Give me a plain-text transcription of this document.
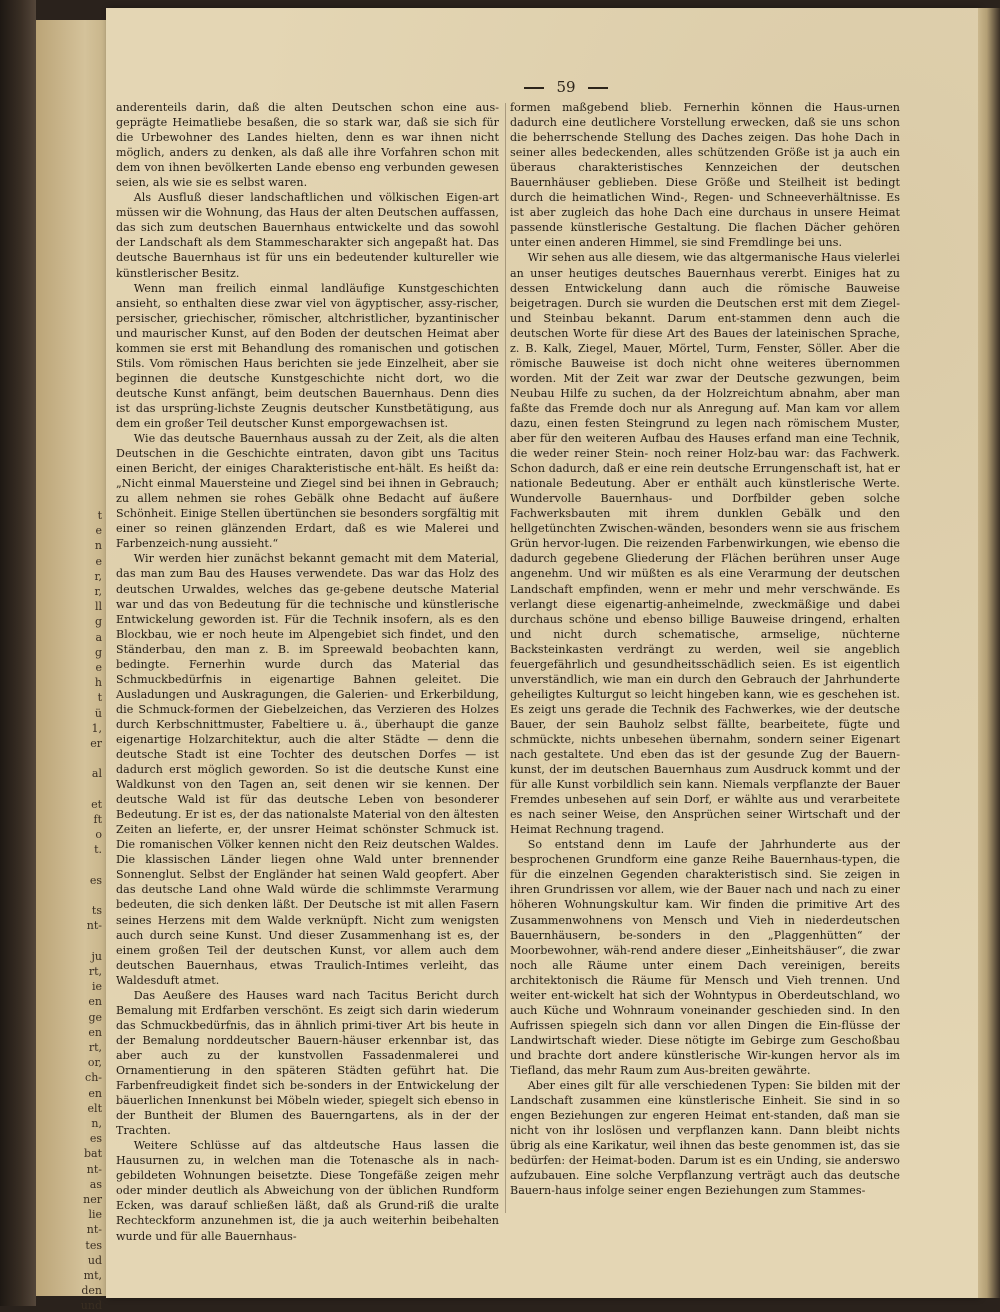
t
e
n
e
r,
r,
ll
g
a
g
e
h
t
ü
1,
er
al
et
ft
o
t.
es
ts
nt-
ju
rt,
ie
en
ge
en
rt,
or,
ch-
en
elt
n,
es
bat
nt-
as
ner
lie
nt-
tes
ud
mt,
den
und
59

anderenteils darin, daß die alten Deutschen schon eine aus-geprägte Heimatliebe besaßen, die so stark war, daß sie sich für die Urbewohner des Landes hielten, denn es war ihnen nicht möglich, anders zu denken, als daß alle ihre Vorfahren schon mit dem von ihnen bevölkerten Lande ebenso eng verbunden gewesen seien, als wie sie es selbst waren.

Als Ausfluß dieser landschaftlichen und völkischen Eigen-art müssen wir die Wohnung, das Haus der alten Deutschen auffassen, das sich zum deutschen Bauernhaus entwickelte und das sowohl der Landschaft als dem Stammescharakter sich angepaßt hat. Das deutsche Bauernhaus ist für uns ein bedeutender kultureller wie künstlerischer Besitz.

Wenn man freilich einmal landläufige Kunstgeschichten ansieht, so enthalten diese zwar viel von ägyptischer, assy-rischer, persischer, griechischer, römischer, altchristlicher, byzantinischer und maurischer Kunst, auf den Boden der deutschen Heimat aber kommen sie erst mit Behandlung des romanischen und gotischen Stils. Vom römischen Haus berichten sie jede Einzelheit, aber sie beginnen die deutsche Kunstgeschichte nicht dort, wo die deutsche Kunst anfängt, beim deutschen Bauernhaus. Denn dies ist das ursprüng-lichste Zeugnis deutscher Kunstbetätigung, aus dem ein großer Teil deutscher Kunst emporgewachsen ist.

Wie das deutsche Bauernhaus aussah zu der Zeit, als die alten Deutschen in die Geschichte eintraten, davon gibt uns Tacitus einen Bericht, der einiges Charakteristische ent-hält. Es heißt da: „Nicht einmal Mauersteine und Ziegel sind bei ihnen in Gebrauch; zu allem nehmen sie rohes Gebälk ohne Bedacht auf äußere Schönheit. Einige Stellen übertünchen sie besonders sorgfältig mit einer so reinen glänzenden Erdart, daß es wie Malerei und Farbenzeich-nung aussieht.“

Wir werden hier zunächst bekannt gemacht mit dem Material, das man zum Bau des Hauses verwendete. Das war das Holz des deutschen Urwaldes, welches das ge-gebene deutsche Material war und das von Bedeutung für die technische und künstlerische Entwickelung geworden ist. Für die Technik insofern, als es den Blockbau, wie er noch heute im Alpengebiet sich findet, und den Ständerbau, den man z. B. im Spreewald beobachten kann, bedingte. Fernerhin wurde durch das Material das Schmuckbedürfnis in eigenartige Bahnen geleitet. Die Ausladungen und Auskragungen, die Galerien- und Erkerbildung, die Schmuck-formen der Giebelzeichen, das Verzieren des Holzes durch Kerbschnittmuster, Fabeltiere u. ä., überhaupt die ganze eigenartige Holzarchitektur, auch die alter Städte — denn die deutsche Stadt ist eine Tochter des deutschen Dorfes — ist dadurch erst möglich geworden. So ist die deutsche Kunst eine Waldkunst von den Tagen an, seit denen wir sie kennen. Der deutsche Wald ist für das deutsche Leben von besonderer Bedeutung. Er ist es, der das nationalste Material von den ältesten Zeiten an lieferte, er, der unsrer Heimat schönster Schmuck ist. Die romanischen Völker kennen nicht den Reiz deutschen Waldes. Die klassischen Länder liegen ohne Wald unter brennender Sonnenglut. Selbst der Engländer hat seinen Wald geopfert. Aber das deutsche Land ohne Wald würde die schlimmste Verarmung bedeuten, die sich denken läßt. Der Deutsche ist mit allen Fasern seines Herzens mit dem Walde verknüpft. Nicht zum wenigsten auch durch seine Kunst. Und dieser Zusammenhang ist es, der einem großen Teil der deutschen Kunst, vor allem auch dem deutschen Bauernhaus, etwas Traulich-Intimes verleiht, das Waldesduft atmet.

Das Aeußere des Hauses ward nach Tacitus Bericht durch Bemalung mit Erdfarben verschönt. Es zeigt sich darin wiederum das Schmuckbedürfnis, das in ähnlich primi-tiver Art bis heute in der Bemalung norddeutscher Bauern-häuser erkennbar ist, das aber auch zu der kunstvollen Fassadenmalerei und Ornamentierung in den späteren Städten geführt hat. Die Farbenfreudigkeit findet sich be-sonders in der Entwickelung der bäuerlichen Innenkunst bei Möbeln wieder, spiegelt sich ebenso in der Buntheit der Blumen des Bauerngartens, als in der der Trachten.

Weitere Schlüsse auf das altdeutsche Haus lassen die Hausurnen zu, in welchen man die Totenasche als in nach-gebildeten Wohnungen beisetzte. Diese Tongefäße zeigen mehr oder minder deutlich als Abweichung von der üblichen Rundform Ecken, was darauf schließen läßt, daß als Grund-riß die uralte Rechteckform anzunehmen ist, die ja auch weiterhin beibehalten wurde und für alle Bauernhaus-

formen maßgebend blieb. Fernerhin können die Haus-urnen dadurch eine deutlichere Vorstellung erwecken, daß sie uns schon die beherrschende Stellung des Daches zeigen. Das hohe Dach in seiner alles bedeckenden, alles schützenden Größe ist ja auch ein überaus charakteristisches Kennzeichen der deutschen Bauernhäuser geblieben. Diese Größe und Steilheit ist bedingt durch die heimatlichen Wind-, Regen- und Schneeverhältnisse. Es ist aber zugleich das hohe Dach eine durchaus in unsere Heimat passende künstlerische Gestaltung. Die flachen Dächer gehören unter einen anderen Himmel, sie sind Fremdlinge bei uns.

Wir sehen aus alle diesem, wie das altgermanische Haus vielerlei an unser heutiges deutsches Bauernhaus vererbt. Einiges hat zu dessen Entwickelung dann auch die römische Bauweise beigetragen. Durch sie wurden die Deutschen erst mit dem Ziegel- und Steinbau bekannt. Darum ent-stammen denn auch die deutschen Worte für diese Art des Baues der lateinischen Sprache, z. B. Kalk, Ziegel, Mauer, Mörtel, Turm, Fenster, Söller. Aber die römische Bauweise ist doch nicht ohne weiteres übernommen worden. Mit der Zeit war zwar der Deutsche gezwungen, beim Neubau Hilfe zu suchen, da der Holzreichtum abnahm, aber man faßte das Fremde doch nur als Anregung auf. Man kam vor allem dazu, einen festen Steingrund zu legen nach römischem Muster, aber für den weiteren Aufbau des Hauses erfand man eine Technik, die weder reiner Stein- noch reiner Holz-bau war: das Fachwerk. Schon dadurch, daß er eine rein deutsche Errungenschaft ist, hat er nationale Bedeutung. Aber er enthält auch künstlerische Werte. Wundervolle Bauernhaus- und Dorfbilder geben solche Fachwerksbauten mit ihrem dunklen Gebälk und den hellgetünchten Zwischen-wänden, besonders wenn sie aus frischem Grün hervor-lugen. Die reizenden Farbenwirkungen, wie ebenso die dadurch gegebene Gliederung der Flächen berühren unser Auge angenehm. Und wir müßten es als eine Verarmung der deutschen Landschaft empfinden, wenn er mehr und mehr verschwände. Es verlangt diese eigenartig-anheimelnde, zweckmäßige und dabei durchaus schöne und ebenso billige Bauweise dringend, erhalten und nicht durch schematische, armselige, nüchterne Backsteinkasten verdrängt zu werden, weil sie angeblich feuergefährlich und gesundheitsschädlich seien. Es ist eigentlich unverständlich, wie man ein durch den Gebrauch der Jahrhunderte geheiligtes Kulturgut so leicht hingeben kann, wie es geschehen ist. Es zeigt uns gerade die Technik des Fachwerkes, wie der deutsche Bauer, der sein Bauholz selbst fällte, bearbeitete, fügte und schmückte, nichts unbesehen übernahm, sondern seiner Eigenart nach gestaltete. Und eben das ist der gesunde Zug der Bauern-kunst, der im deutschen Bauernhaus zum Ausdruck kommt und der für alle Kunst vorbildlich sein kann. Niemals verpflanzte der Bauer Fremdes unbesehen auf sein Dorf, er wählte aus und verarbeitete es nach seiner Weise, den Ansprüchen seiner Wirtschaft und der Heimat Rechnung tragend.

So entstand denn im Laufe der Jahrhunderte aus der besprochenen Grundform eine ganze Reihe Bauernhaus-typen, die für die einzelnen Gegenden charakteristisch sind. Sie zeigen in ihren Grundrissen vor allem, wie der Bauer nach und nach zu einer höheren Wohnungskultur kam. Wir finden die primitive Art des Zusammenwohnens von Mensch und Vieh in niederdeutschen Bauernhäusern, be-sonders in den „Plaggenhütten“ der Moorbewohner, wäh-rend andere dieser „Einheitshäuser“, die zwar noch alle Räume unter einem Dach vereinigen, bereits architektonisch die Räume für Mensch und Vieh trennen. Und weiter ent-wickelt hat sich der Wohntypus in Oberdeutschland, wo auch Küche und Wohnraum voneinander geschieden sind. In den Aufrissen spiegeln sich dann vor allen Dingen die Ein-flüsse der Landwirtschaft wieder. Diese nötigte im Gebirge zum Geschoßbau und brachte dort andere künstlerische Wir-kungen hervor als im Tiefland, das mehr Raum zum Aus-breiten gewährte.

Aber eines gilt für alle verschiedenen Typen: Sie bilden mit der Landschaft zusammen eine künstlerische Einheit. Sie sind in so engen Beziehungen zur engeren Heimat ent-standen, daß man sie nicht von ihr loslösen und verpflanzen kann. Dann bleibt nichts übrig als eine Karikatur, weil ihnen das beste genommen ist, das sie bedürfen: der Heimat-boden. Darum ist es ein Unding, sie anderswo aufzubauen. Eine solche Verpflanzung verträgt auch das deutsche Bauern-haus infolge seiner engen Beziehungen zum Stammes-
